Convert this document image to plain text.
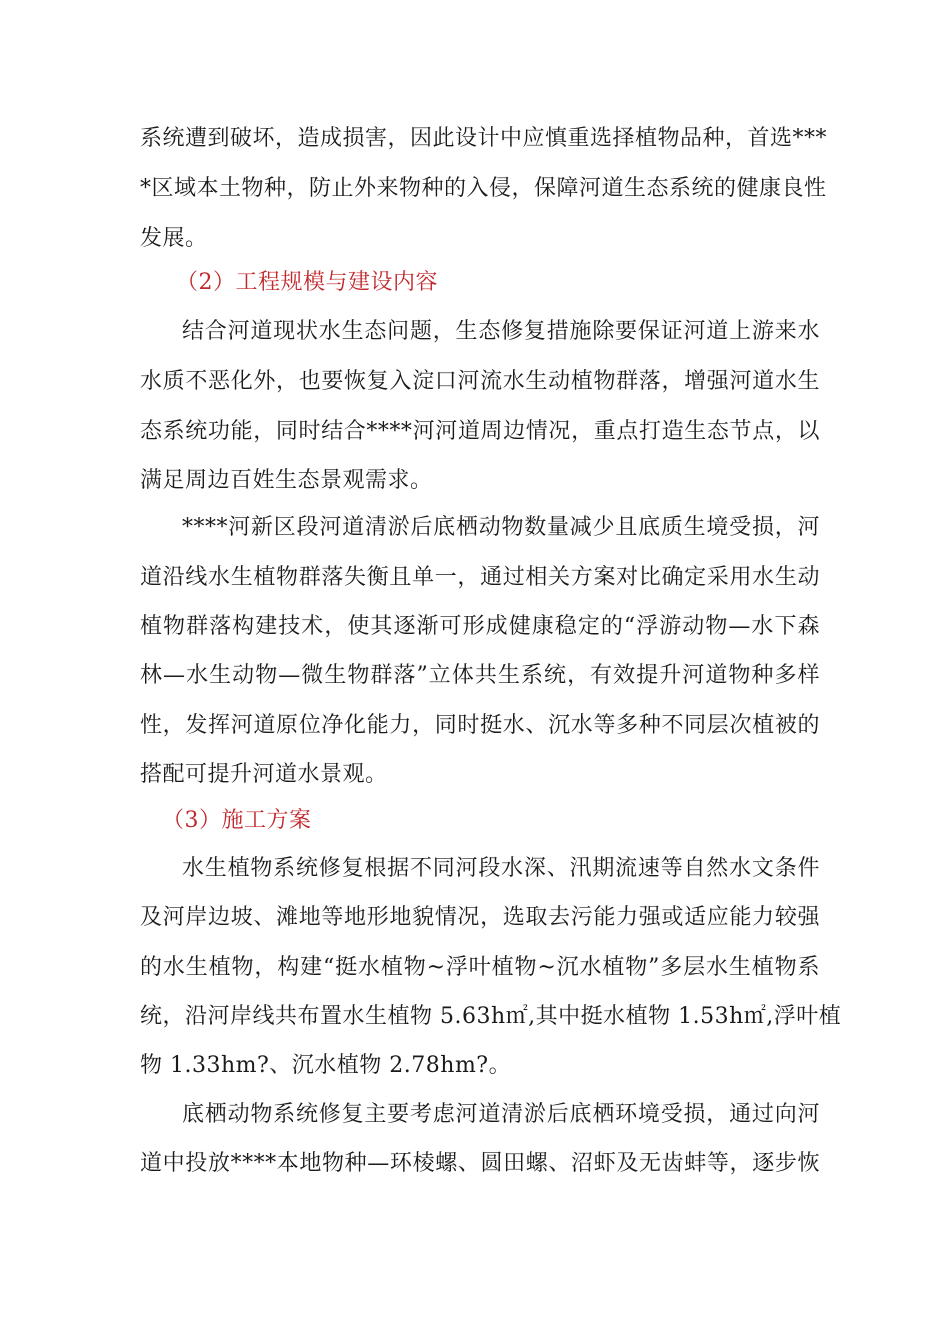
系统遭到破坏，造成损害，因此设计中应慎重选择植物品种，首选***
*区域本土物种，防止外来物种的入侵，保障河道生态系统的健康良性
发展。
（2）工程规模与建设内容
结合河道现状水生态问题，生态修复措施除要保证河道上游来水
水质不恶化外，也要恢复入淀口河流水生动植物群落，增强河道水生
态系统功能，同时结合****河河道周边情况，重点打造生态节点，以
满足周边百姓生态景观需求。
****河新区段河道清淤后底栖动物数量减少且底质生境受损，河
道沿线水生植物群落失衡且单一，通过相关方案对比确定采用水生动
植物群落构建技术，使其逐渐可形成健康稳定的“浮游动物—水下森
林—水生动物—微生物群落”立体共生系统，有效提升河道物种多样
性，发挥河道原位净化能力，同时挺水、沉水等多种不同层次植被的
搭配可提升河道水景观。
（3）施工方案
水生植物系统修复根据不同河段水深、汛期流速等自然水文条件
及河岸边坡、滩地等地形地貌情况，选取去污能力强或适应能力较强
的水生植物，构建“挺水植物~浮叶植物~沉水植物”多层水生植物系
统，沿河岸线共布置水生植物 5.63h㎡,其中挺水植物 1.53h㎡,浮叶植
物 1.33hm?、沉水植物 2.78hm?。
底栖动物系统修复主要考虑河道清淤后底栖环境受损，通过向河
道中投放****本地物种—环棱螺、圆田螺、沼虾及无齿蚌等，逐步恢
